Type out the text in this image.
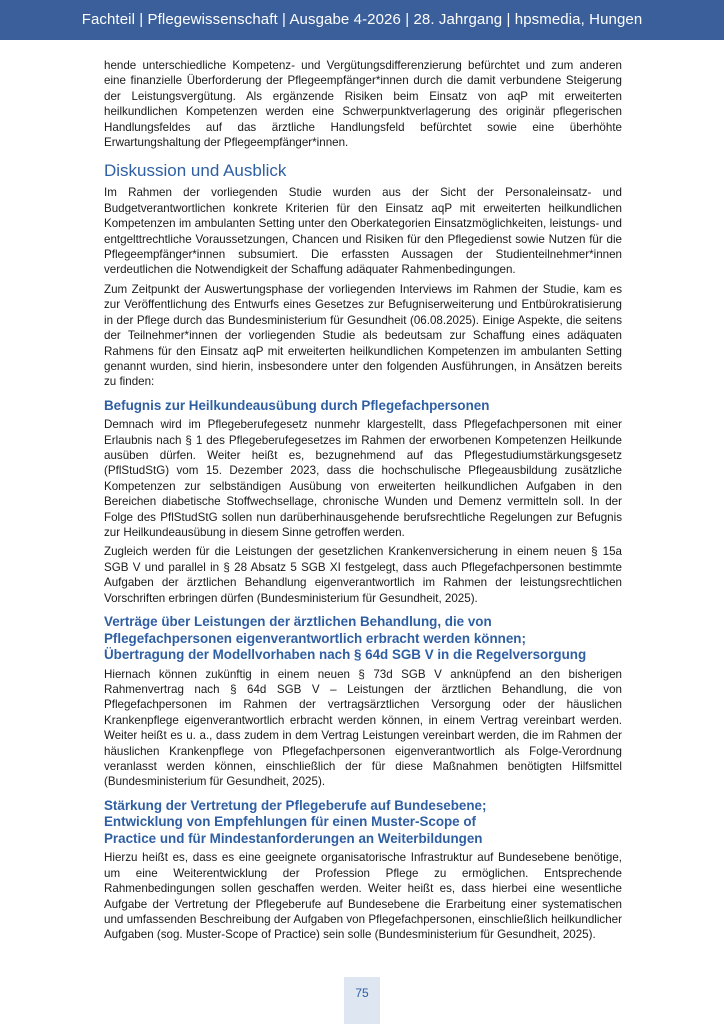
Fachteil | Pflegewissenschaft | Ausgabe 4-2026 | 28. Jahrgang | hpsmedia, Hungen

hende unterschiedliche Kompetenz- und Vergütungsdifferenzierung befürchtet und zum anderen eine finanzielle Überforderung der Pflegeempfänger*innen durch die damit verbundene Steigerung der Leistungsvergütung. Als ergänzende Risiken beim Einsatz von aqP mit erweiterten heilkundlichen Kompetenzen werden eine Schwerpunktverlagerung des originär pflegerischen Handlungsfeldes auf das ärztliche Handlungsfeld befürchtet sowie eine überhöhte Erwartungshaltung der Pflegeempfänger*innen.

Diskussion und Ausblick

Im Rahmen der vorliegenden Studie wurden aus der Sicht der Personaleinsatz- und Budgetverantwortlichen konkrete Kriterien für den Einsatz aqP mit erweiterten heilkundlichen Kompetenzen im ambulanten Setting unter den Oberkategorien Einsatzmöglichkeiten, leistungs- und entgelttrechtliche Voraussetzungen, Chancen und Risiken für den Pflegedienst sowie Nutzen für die Pflegeempfänger*innen subsumiert. Die erfassten Aussagen der Studienteilnehmer*innen verdeutlichen die Notwendigkeit der Schaffung adäquater Rahmenbedingungen.

Zum Zeitpunkt der Auswertungsphase der vorliegenden Interviews im Rahmen der Studie, kam es zur Veröffentlichung des Entwurfs eines Gesetzes zur Befugniserweiterung und Entbürokratisierung in der Pflege durch das Bundesministerium für Gesundheit (06.08.2025). Einige Aspekte, die seitens der Teilnehmer*innen der vorliegenden Studie als bedeutsam zur Schaffung eines adäquaten Rahmens für den Einsatz aqP mit erweiterten heilkundlichen Kompetenzen im ambulanten Setting genannt wurden, sind hierin, insbesondere unter den folgenden Ausführungen, in Ansätzen bereits zu finden:

Befugnis zur Heilkundeausübung durch Pflegefachpersonen

Demnach wird im Pflegeberufegesetz nunmehr klargestellt, dass Pflegefachpersonen mit einer Erlaubnis nach § 1 des Pflegeberufegesetzes im Rahmen der erworbenen Kompetenzen Heilkunde ausüben dürfen. Weiter heißt es, bezugnehmend auf das Pflegestudiumstärkungsgesetz (PflStudStG) vom 15. Dezember 2023, dass die hochschulische Pflegeausbildung zusätzliche Kompetenzen zur selbständigen Ausübung von erweiterten heilkundlichen Aufgaben in den Bereichen diabetische Stoffwechsellage, chronische Wunden und Demenz vermitteln soll. In der Folge des PflStudStG sollen nun darüberhinausgehende berufsrechtliche Regelungen zur Befugnis zur Heilkundeausübung in diesem Sinne getroffen werden.

Zugleich werden für die Leistungen der gesetzlichen Krankenversicherung in einem neuen § 15a SGB V und parallel in § 28 Absatz 5 SGB XI festgelegt, dass auch Pflegefachpersonen bestimmte Aufgaben der ärztlichen Behandlung eigenverantwortlich im Rahmen der leistungsrechtlichen Vorschriften erbringen dürfen (Bundesministerium für Gesundheit, 2025).

Verträge über Leistungen der ärztlichen Behandlung, die von
Pflegefachpersonen eigenverantwortlich erbracht werden können;
Übertragung der Modellvorhaben nach § 64d SGB V in die Regelversorgung

Hiernach können zukünftig in einem neuen § 73d SGB V anknüpfend an den bisherigen Rahmenvertrag nach § 64d SGB V – Leistungen der ärztlichen Behandlung, die von Pflegefachpersonen im Rahmen der vertragsärztlichen Versorgung oder der häuslichen Krankenpflege eigenverantwortlich erbracht werden können, in einem Vertrag vereinbart werden. Weiter heißt es u. a., dass zudem in dem Vertrag Leistungen vereinbart werden, die im Rahmen der häuslichen Krankenpflege von Pflegefachpersonen eigenverantwortlich als Folge-Verordnung veranlasst werden können, einschließlich der für diese Maßnahmen benötigten Hilfsmittel (Bundesministerium für Gesundheit, 2025).

Stärkung der Vertretung der Pflegeberufe auf Bundesebene;
Entwicklung von Empfehlungen für einen Muster-Scope of
Practice und für Mindestanforderungen an Weiterbildungen

Hierzu heißt es, dass es eine geeignete organisatorische Infrastruktur auf Bundesebene benötige, um eine Weiterentwicklung der Profession Pflege zu ermöglichen. Entsprechende Rahmenbedingungen sollen geschaffen werden. Weiter heißt es, dass hierbei eine wesentliche Aufgabe der Vertretung der Pflegeberufe auf Bundesebene die Erarbeitung einer systematischen und umfassenden Beschreibung der Aufgaben von Pflegefachpersonen, einschließlich heilkundlicher Aufgaben (sog. Muster-Scope of Practice) sein solle (Bundesministerium für Gesundheit, 2025).

75
